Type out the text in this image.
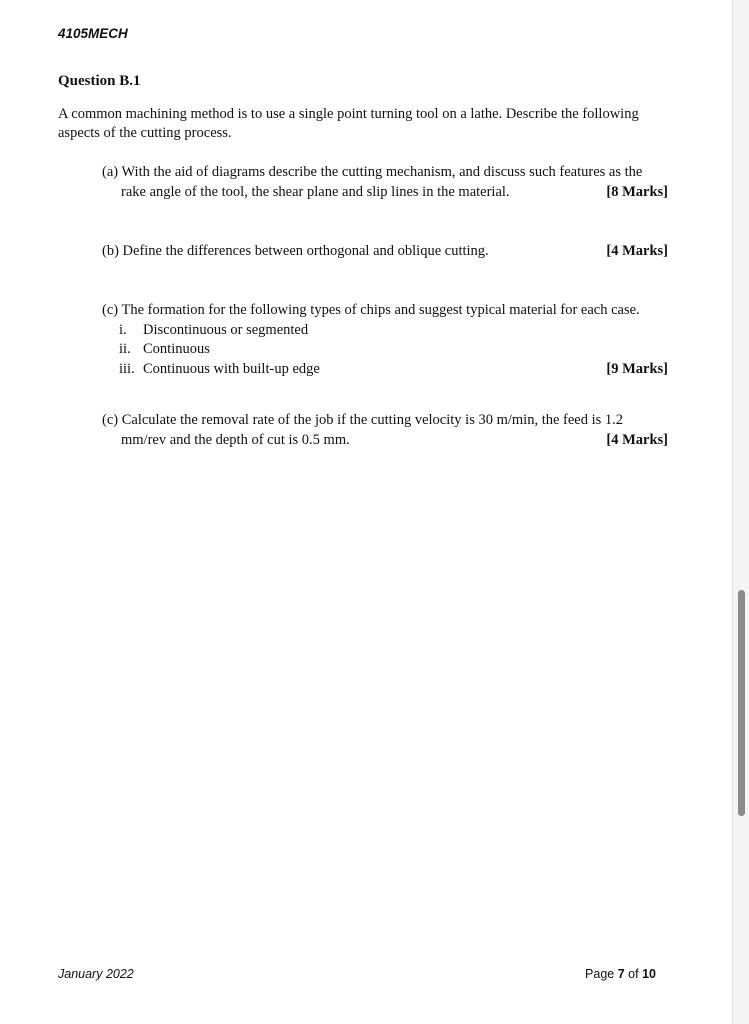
4105MECH
Question B.1
A common machining method is to use a single point turning tool on a lathe. Describe the following aspects of the cutting process.
(a) With the aid of diagrams describe the cutting mechanism, and discuss such features as the
rake angle of the tool, the shear plane and slip lines in the material.	[8 Marks]
(b) Define the differences between orthogonal and oblique cutting.	[4 Marks]
(c) The formation for the following types of chips and suggest typical material for each case.
i. Discontinuous or segmented
ii. Continuous
iii. Continuous with built-up edge	[9 Marks]
(c) Calculate the removal rate of the job if the cutting velocity is 30 m/min, the feed is 1.2
mm/rev and the depth of cut is 0.5 mm.	[4 Marks]
January 2022	Page 7 of 10
